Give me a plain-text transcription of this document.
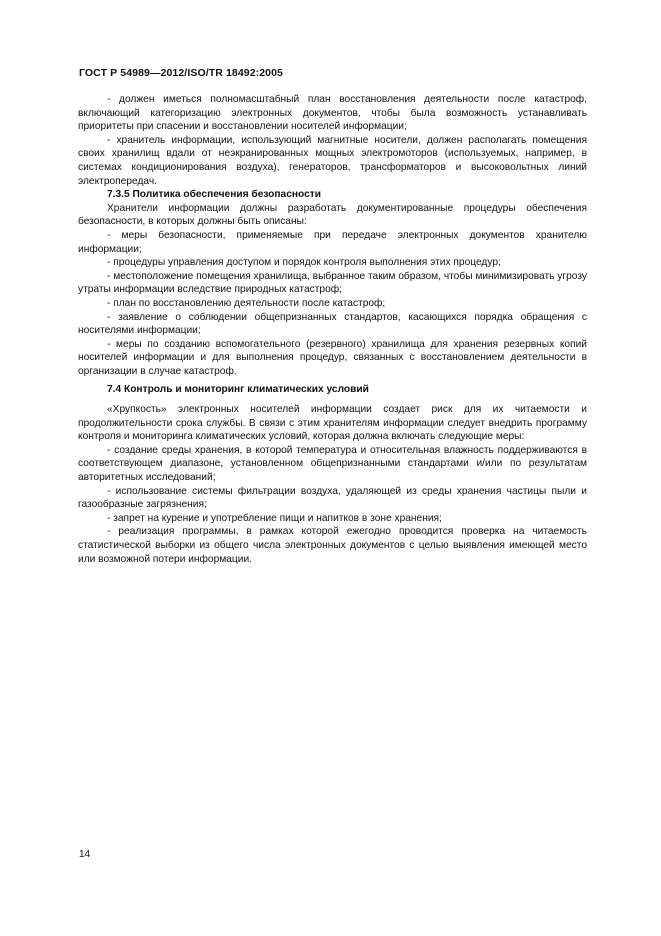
ГОСТ Р 54989—2012/ISO/TR 18492:2005

- должен иметься полномасштабный план восстановления деятельности после катастроф, включающий категоризацию электронных документов, чтобы была возможность устанавливать приоритеты при спасении и восстановлении носителей информации;

- хранитель информации, использующий магнитные носители, должен располагать помещения своих хранилищ вдали от неэкранированных мощных электромоторов (используемых, например, в системах кондиционирования воздуха), генераторов, трансформаторов и высоковольтных линий электропередач.

7.3.5 Политика обеспечения безопасности

Хранители информации должны разработать документированные процедуры обеспечения безопасности, в которых должны быть описаны:

- меры безопасности, применяемые при передаче электронных документов хранителю информации;

- процедуры управления доступом и порядок контроля выполнения этих процедур;

- местоположение помещения хранилища, выбранное таким образом, чтобы минимизировать угрозу утраты информации вследствие природных катастроф;

- план по восстановлению деятельности после катастроф;

- заявление о соблюдении общепризнанных стандартов, касающихся порядка обращения с носителями информации;

- меры по созданию вспомогательного (резервного) хранилища для хранения резервных копий носителей информации и для выполнения процедур, связанных с восстановлением деятельности в организации в случае катастроф.

7.4 Контроль и мониторинг климатических условий

«Хрупкость» электронных носителей информации создает риск для их читаемости и продолжительности срока службы. В связи с этим хранителям информации следует внедрить программу контроля и мониторинга климатических условий, которая должна включать следующие меры:

- создание среды хранения, в которой температура и относительная влажность поддерживаются в соответствующем диапазоне, установленном общепризнанными стандартами и/или по результатам авторитетных исследований;

- использование системы фильтрации воздуха, удаляющей из среды хранения частицы пыли и газообразные загрязнения;

- запрет на курение и употребление пищи и напитков в зоне хранения;

- реализация программы, в рамках которой ежегодно проводится проверка на читаемость статистической выборки из общего числа электронных документов с целью выявления имеющей место или возможной потери информации.

14
